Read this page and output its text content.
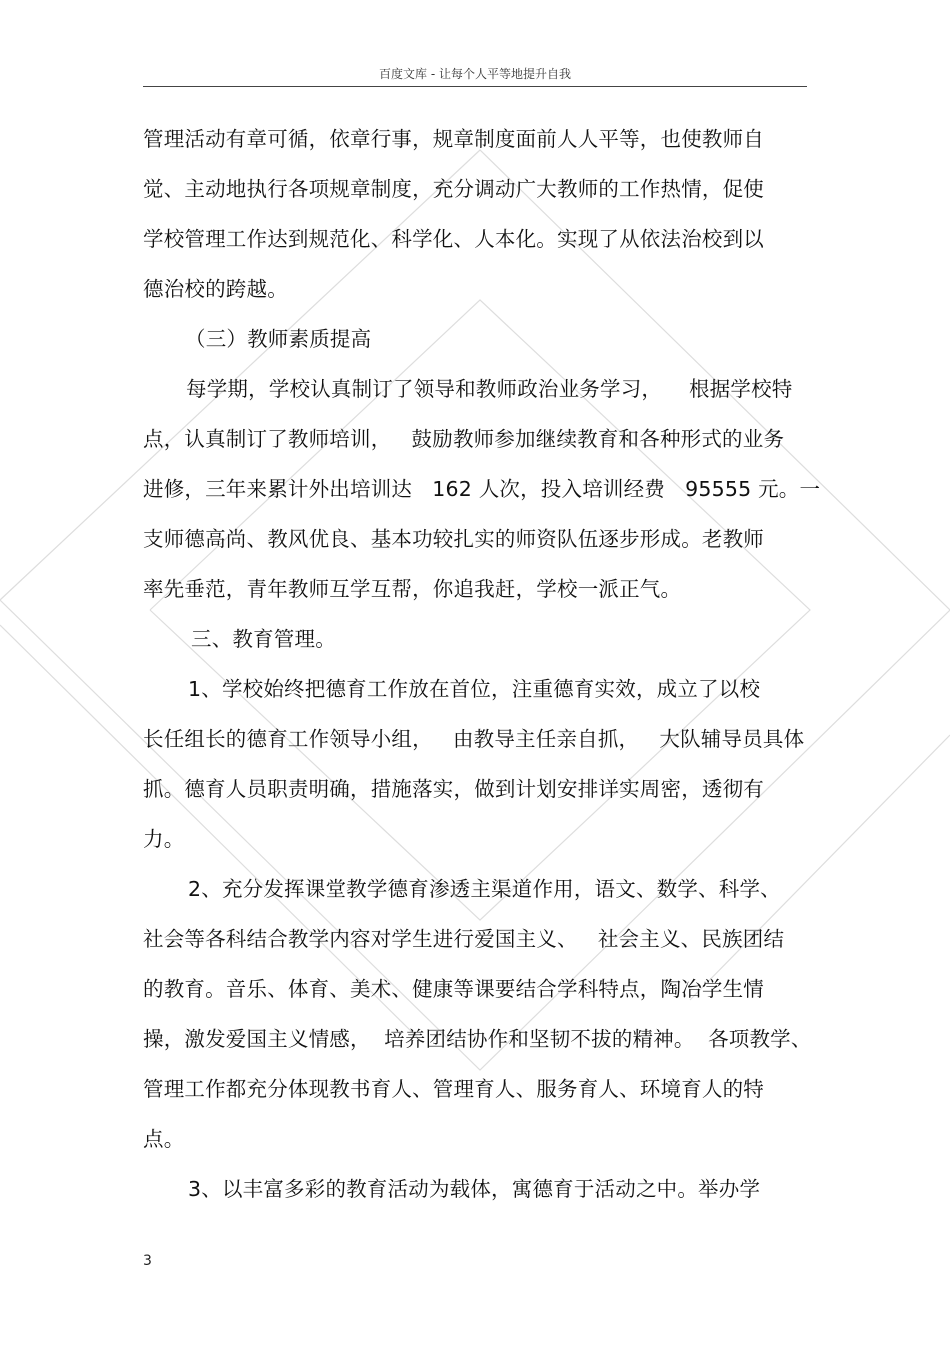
百度文库 - 让每个人平等地提升自我
管理活动有章可循，依章行事，规章制度面前人人平等，也使教师自
觉、主动地执行各项规章制度，充分调动广大教师的工作热情，促使
学校管理工作达到规范化、科学化、人本化。实现了从依法治校到以
德治校的跨越。
（三）教师素质提高
每学期，学校认真制订了领导和教师政治业务学习，    根据学校特
点，认真制订了教师培训，   鼓励教师参加继续教育和各种形式的业务
进修，三年来累计外出培训达   162 人次，投入培训经费   95555 元。一
支师德高尚、教风优良、基本功较扎实的师资队伍逐步形成。老教师
率先垂范，青年教师互学互帮，你追我赶，学校一派正气。
三、教育管理。
1、学校始终把德育工作放在首位，注重德育实效，成立了以校
长任组长的德育工作领导小组，   由教导主任亲自抓，   大队辅导员具体
抓。德育人员职责明确，措施落实，做到计划安排详实周密，透彻有
力。
2、充分发挥课堂教学德育渗透主渠道作用，语文、数学、科学、
社会等各科结合教学内容对学生进行爱国主义、   社会主义、民族团结
的教育。音乐、体育、美术、健康等课要结合学科特点，陶冶学生情
操，激发爱国主义情感，  培养团结协作和坚韧不拔的精神。  各项教学、
管理工作都充分体现教书育人、管理育人、服务育人、环境育人的特
点。
3、以丰富多彩的教育活动为载体，寓德育于活动之中。举办学
3
